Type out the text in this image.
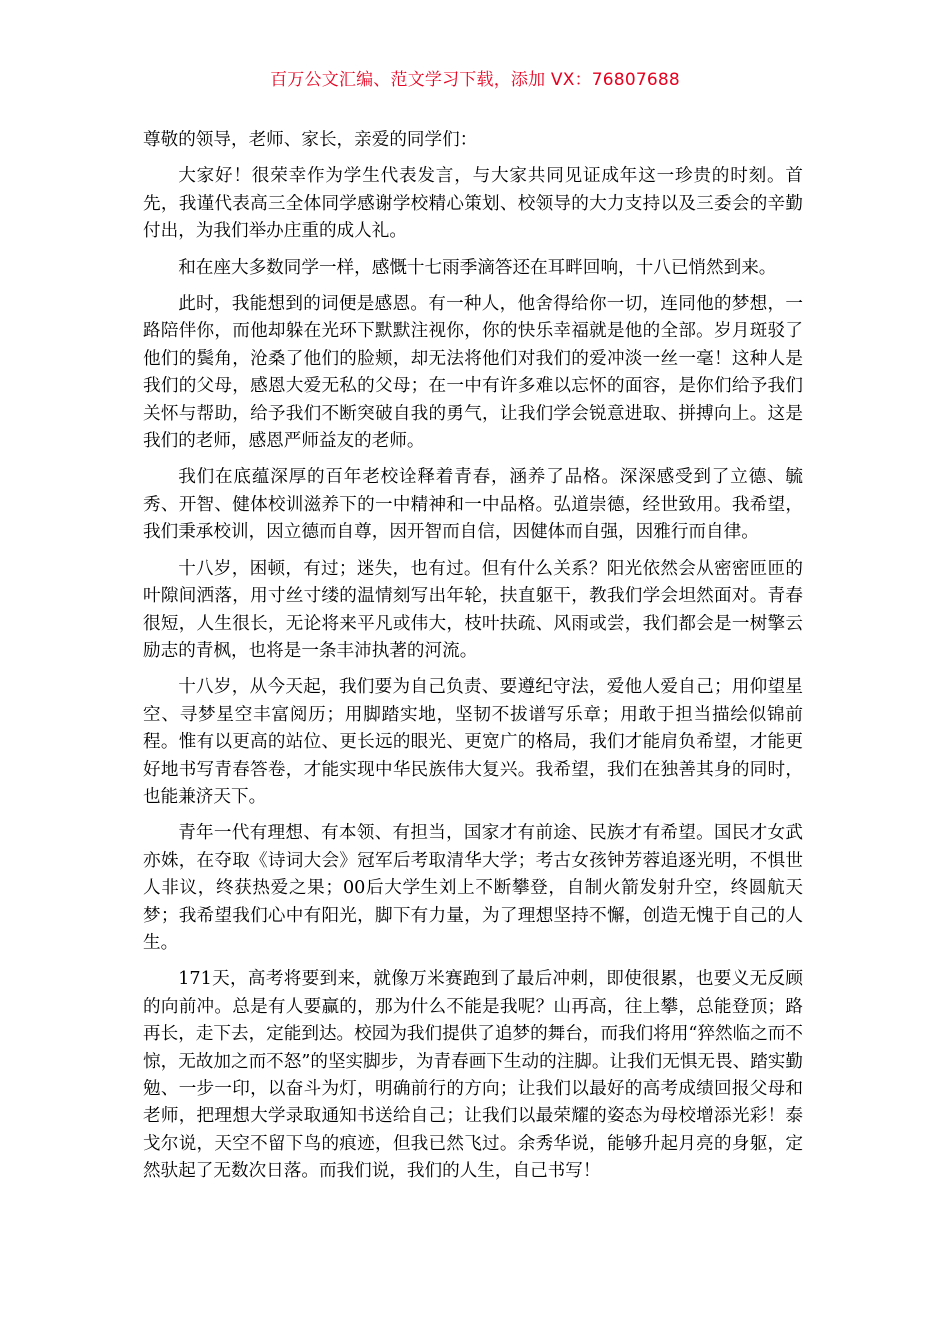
百万公文汇编、范文学习下载，添加 VX：76807688

尊敬的领导，老师、家长，亲爱的同学们：

大家好！很荣幸作为学生代表发言，与大家共同见证成年这一珍贵的时刻。首先，我谨代表高三全体同学感谢学校精心策划、校领导的大力支持以及三委会的辛勤付出，为我们举办庄重的成人礼。

和在座大多数同学一样，感慨十七雨季滴答还在耳畔回响，十八已悄然到来。

此时，我能想到的词便是感恩。有一种人，他舍得给你一切，连同他的梦想，一路陪伴你，而他却躲在光环下默默注视你，你的快乐幸福就是他的全部。岁月斑驳了他们的鬓角，沧桑了他们的脸颊，却无法将他们对我们的爱冲淡一丝一毫！这种人是我们的父母，感恩大爱无私的父母；在一中有许多难以忘怀的面容，是你们给予我们关怀与帮助，给予我们不断突破自我的勇气，让我们学会锐意进取、拼搏向上。这是我们的老师，感恩严师益友的老师。

我们在底蕴深厚的百年老校诠释着青春，涵养了品格。深深感受到了立德、毓秀、开智、健体校训滋养下的一中精神和一中品格。弘道崇德，经世致用。我希望，我们秉承校训，因立德而自尊，因开智而自信，因健体而自强，因雅行而自律。

十八岁，困顿，有过；迷失，也有过。但有什么关系？阳光依然会从密密匝匝的叶隙间洒落，用寸丝寸缕的温情刻写出年轮，扶直躯干，教我们学会坦然面对。青春很短，人生很长，无论将来平凡或伟大，枝叶扶疏、风雨或尝，我们都会是一树擎云励志的青枫，也将是一条丰沛执著的河流。

十八岁，从今天起，我们要为自己负责、要遵纪守法，爱他人爱自己；用仰望星空、寻梦星空丰富阅历；用脚踏实地，坚韧不拔谱写乐章；用敢于担当描绘似锦前程。惟有以更高的站位、更长远的眼光、更宽广的格局，我们才能肩负希望，才能更好地书写青春答卷，才能实现中华民族伟大复兴。我希望，我们在独善其身的同时，也能兼济天下。

青年一代有理想、有本领、有担当，国家才有前途、民族才有希望。国民才女武亦姝，在夺取《诗词大会》冠军后考取清华大学；考古女孩钟芳蓉追逐光明，不惧世人非议，终获热爱之果；00后大学生刘上不断攀登，自制火箭发射升空，终圆航天梦；我希望我们心中有阳光，脚下有力量，为了理想坚持不懈，创造无愧于自己的人生。

171天，高考将要到来，就像万米赛跑到了最后冲刺，即使很累，也要义无反顾的向前冲。总是有人要赢的，那为什么不能是我呢？山再高，往上攀，总能登顶；路再长，走下去，定能到达。校园为我们提供了追梦的舞台，而我们将用“猝然临之而不惊，无故加之而不怒”的坚实脚步，为青春画下生动的注脚。让我们无惧无畏、踏实勤勉、一步一印，以奋斗为灯，明确前行的方向；让我们以最好的高考成绩回报父母和老师，把理想大学录取通知书送给自己；让我们以最荣耀的姿态为母校增添光彩！泰戈尔说，天空不留下鸟的痕迹，但我已然飞过。余秀华说，能够升起月亮的身躯，定然驮起了无数次日落。而我们说，我们的人生，自己书写！
